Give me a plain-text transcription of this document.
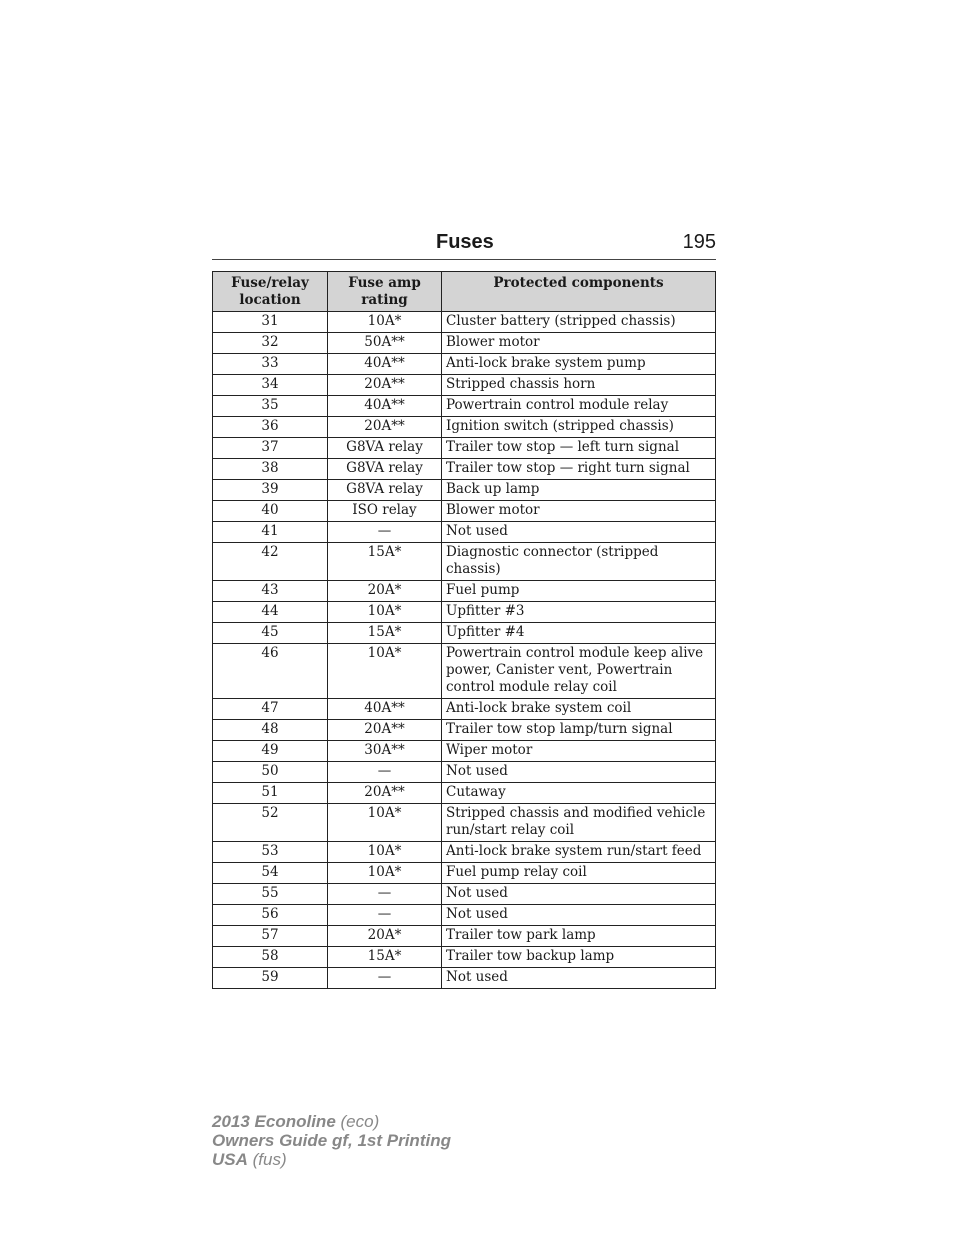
Fuses	195
Fuse/relay location	Fuse amp rating	Protected components
31	10A*	Cluster battery (stripped chassis)
32	50A**	Blower motor
33	40A**	Anti-lock brake system pump
34	20A**	Stripped chassis horn
35	40A**	Powertrain control module relay
36	20A**	Ignition switch (stripped chassis)
37	G8VA relay	Trailer tow stop — left turn signal
38	G8VA relay	Trailer tow stop — right turn signal
39	G8VA relay	Back up lamp
40	ISO relay	Blower motor
41	—	Not used
42	15A*	Diagnostic connector (stripped chassis)
43	20A*	Fuel pump
44	10A*	Upfitter #3
45	15A*	Upfitter #4
46	10A*	Powertrain control module keep alive power, Canister vent, Powertrain control module relay coil
47	40A**	Anti-lock brake system coil
48	20A**	Trailer tow stop lamp/turn signal
49	30A**	Wiper motor
50	—	Not used
51	20A**	Cutaway
52	10A*	Stripped chassis and modified vehicle run/start relay coil
53	10A*	Anti-lock brake system run/start feed
54	10A*	Fuel pump relay coil
55	—	Not used
56	—	Not used
57	20A*	Trailer tow park lamp
58	15A*	Trailer tow backup lamp
59	—	Not used
2013 Econoline (eco)
Owners Guide gf, 1st Printing
USA (fus)
